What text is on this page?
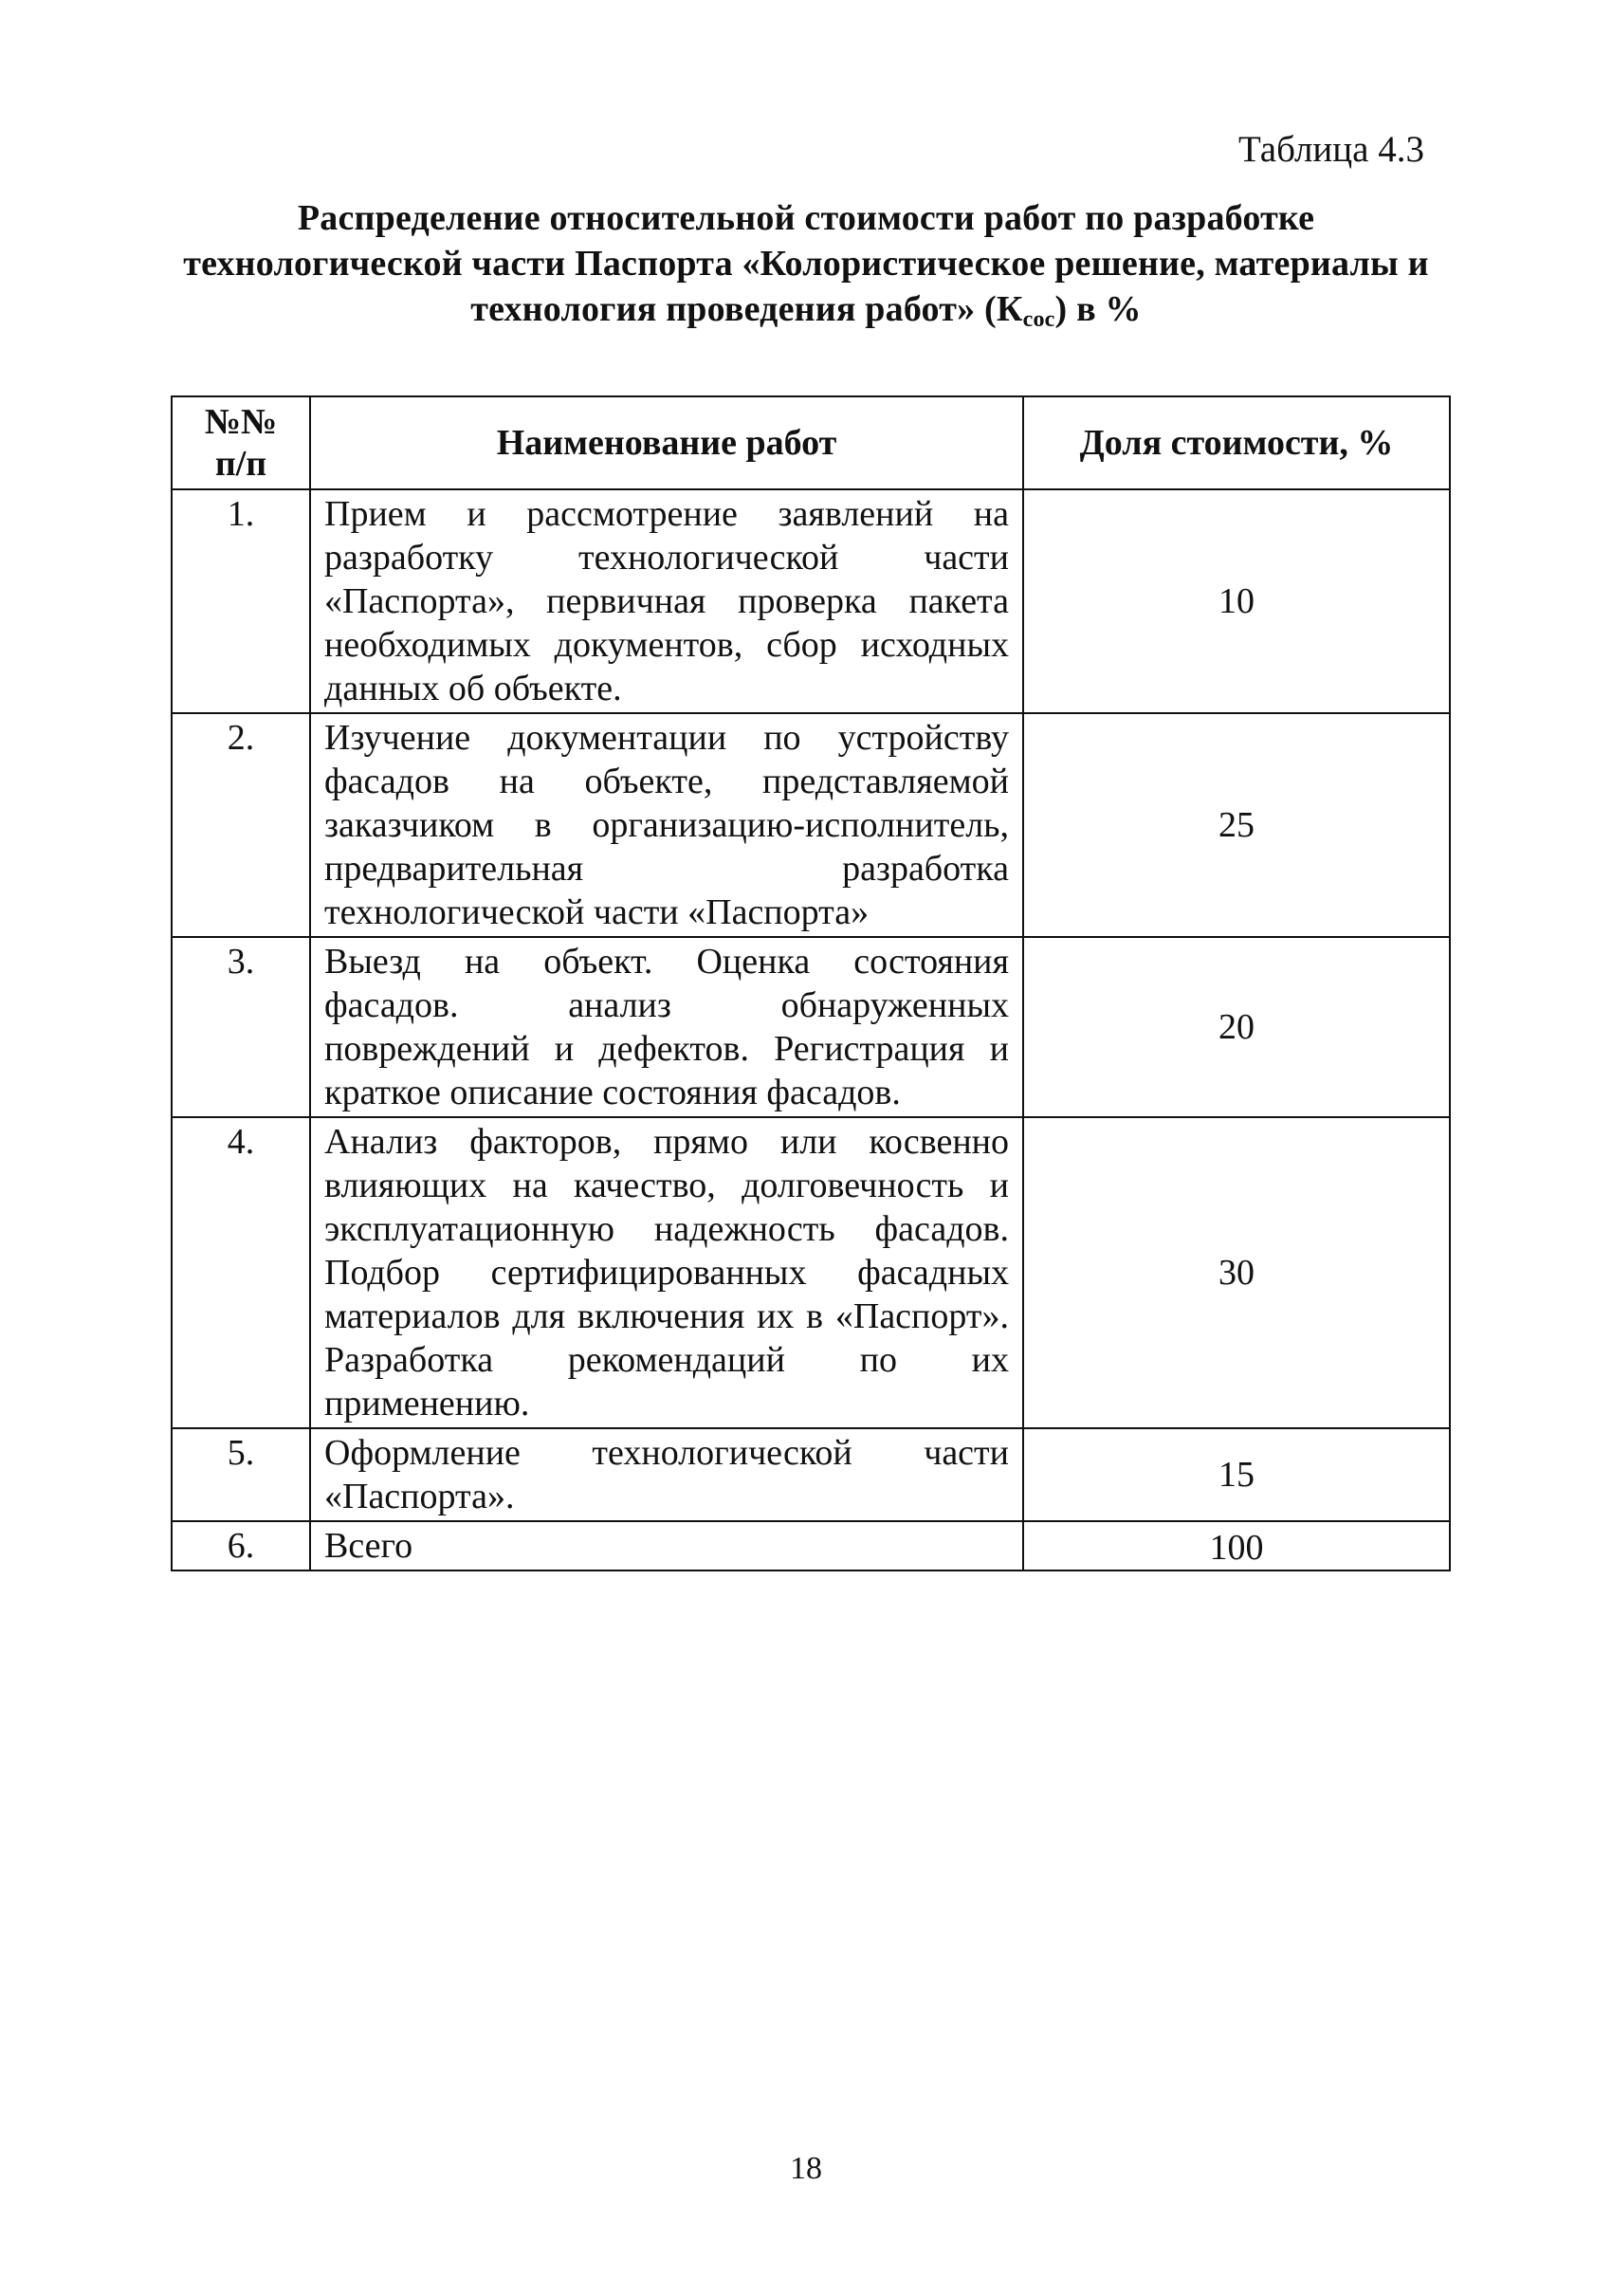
Таблица 4.3
Распределение относительной стоимости работ по разработке технологической части Паспорта «Колористическое решение, материалы и технология проведения работ» $(К_{сос})$ в %
№№
п/п	Наименование работ	Доля стоимости, %
1.	Прием и рассмотрение заявлений на разработку технологической части «Паспорта», первичная проверка пакета необходимых документов, сбор исходных данных об объекте.	10
2.	Изучение документации по устройству фасадов на объекте, представляемой заказчиком в организацию-исполнитель, предварительная разработка технологической части «Паспорта»	25
3.	Выезд на объект. Оценка состояния фасадов. анализ обнаруженных повреждений и дефектов. Регистрация и краткое описание состояния фасадов.	20
4.	Анализ факторов, прямо или косвенно влияющих на качество, долговечность и эксплуатационную надежность фасадов. Подбор сертифицированных фасадных материалов для включения их в «Паспорт». Разработка рекомендаций по их применению.	30
5.	Оформление технологической части «Паспорта».	15
6.	Всего	100
18
